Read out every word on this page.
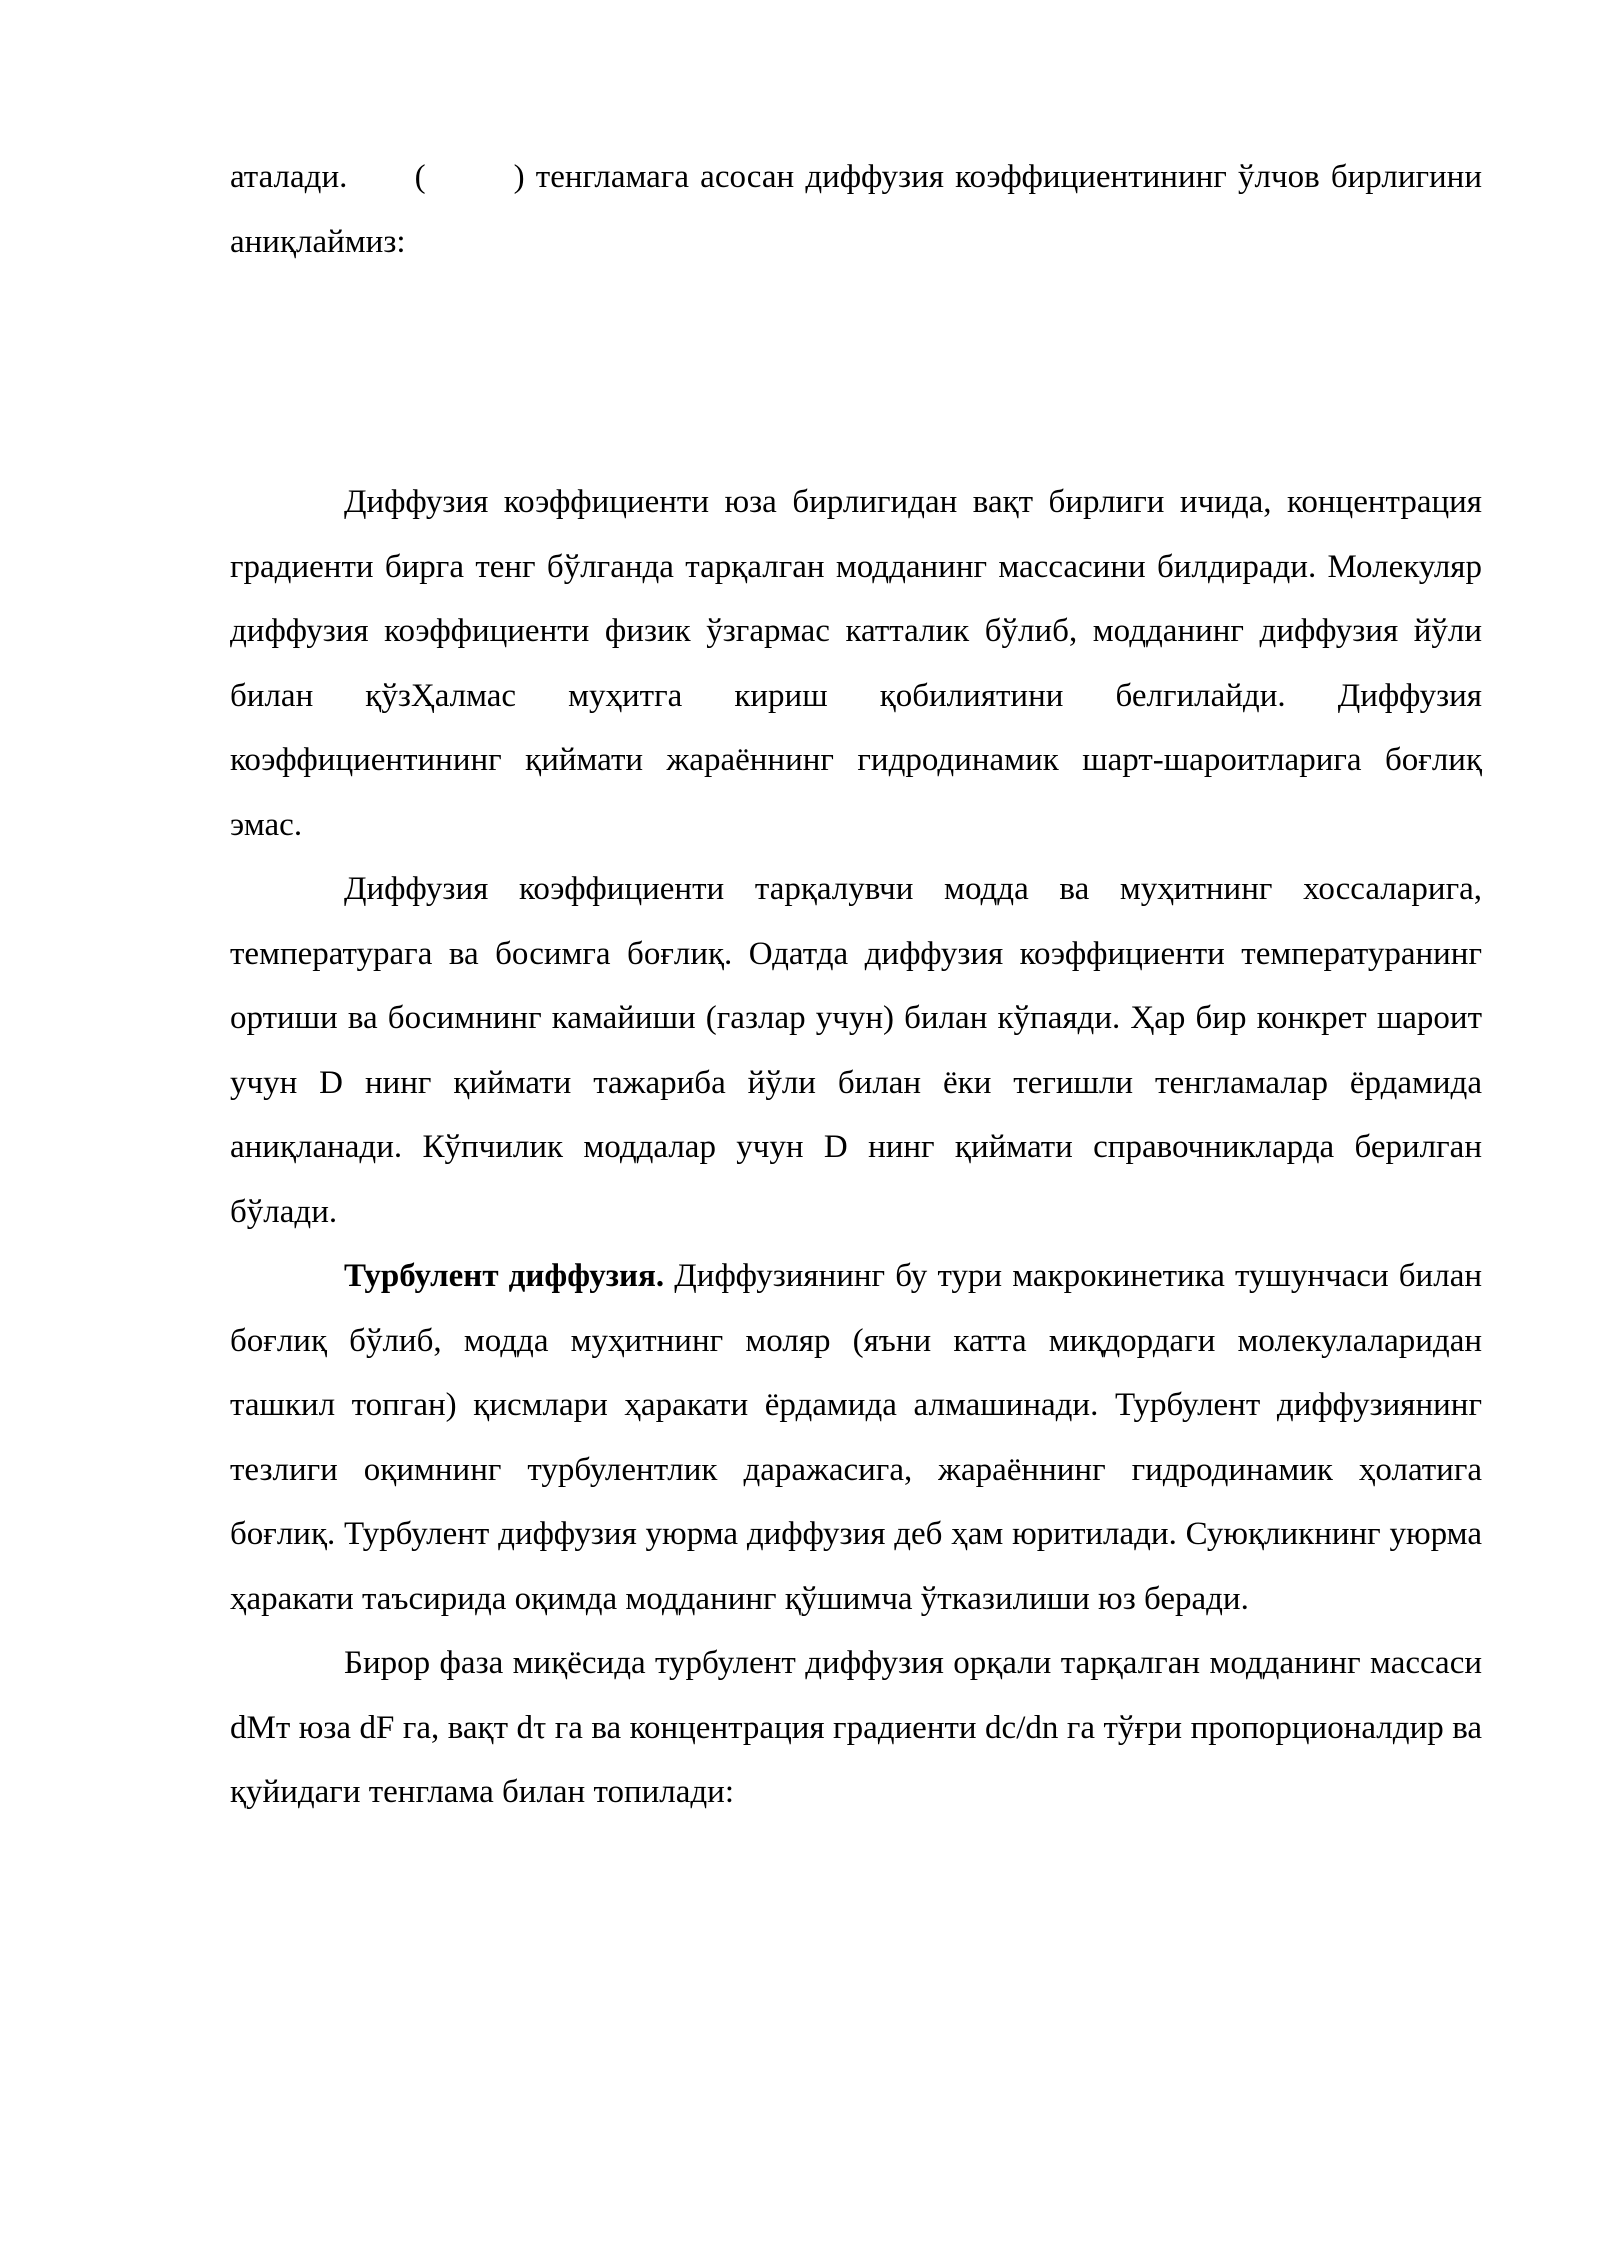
аталади. (	) тенгламага асосан диффузия коэффициентининг ўлчов бирлигини аниқлаймиз:

Диффузия коэффициенти юза бирлигидан вақт бирлиги ичида, концентрация градиенти бирга тенг бўлганда тарқалган модданинг массасини билдиради. Молекуляр диффузия коэффициенти физик ўзгармас катталик бўлиб, модданинг диффузия йўли билан қўзҲалмас муҳитга кириш қобилиятини белгилайди. Диффузия коэффициентининг қиймати жараённинг гидродинамик шарт-шароитларига боғлиқ эмас.

Диффузия коэффициенти тарқалувчи модда ва муҳитнинг хоссаларига, температурага ва босимга боғлиқ. Одатда диффузия коэффициенти температуранинг ортиши ва босимнинг камайиши (газлар учун) билан кўпаяди. Ҳар бир конкрет шароит учун D нинг қиймати тажариба йўли билан ёки тегишли тенгламалар ёрдамида аниқланади. Кўпчилик моддалар учун D нинг қиймати справочникларда берилган бўлади.

Турбулент диффузия. Диффузиянинг бу тури макрокинетика тушунчаси билан боғлиқ бўлиб, модда муҳитнинг моляр (яъни катта миқдордаги молекулаларидан ташкил топган) қисмлари ҳаракати ёрдамида алмашинади. Турбулент диффузиянинг тезлиги оқимнинг турбулентлик даражасига, жараённинг гидродинамик ҳолатига боғлиқ. Турбулент диффузия уюрма диффузия деб ҳам юритилади. Суюқликнинг уюрма ҳаракати таъсирида оқимда модданинг қўшимча ўтказилиши юз беради.

Бирор фаза миқёсида турбулент диффузия орқали тарқалган модданинг массаси dMт юза dF га, вақт dτ га ва концентрация градиенти dc/dn га тўғри пропорционалдир ва қуйидаги тенглама билан топилади:
